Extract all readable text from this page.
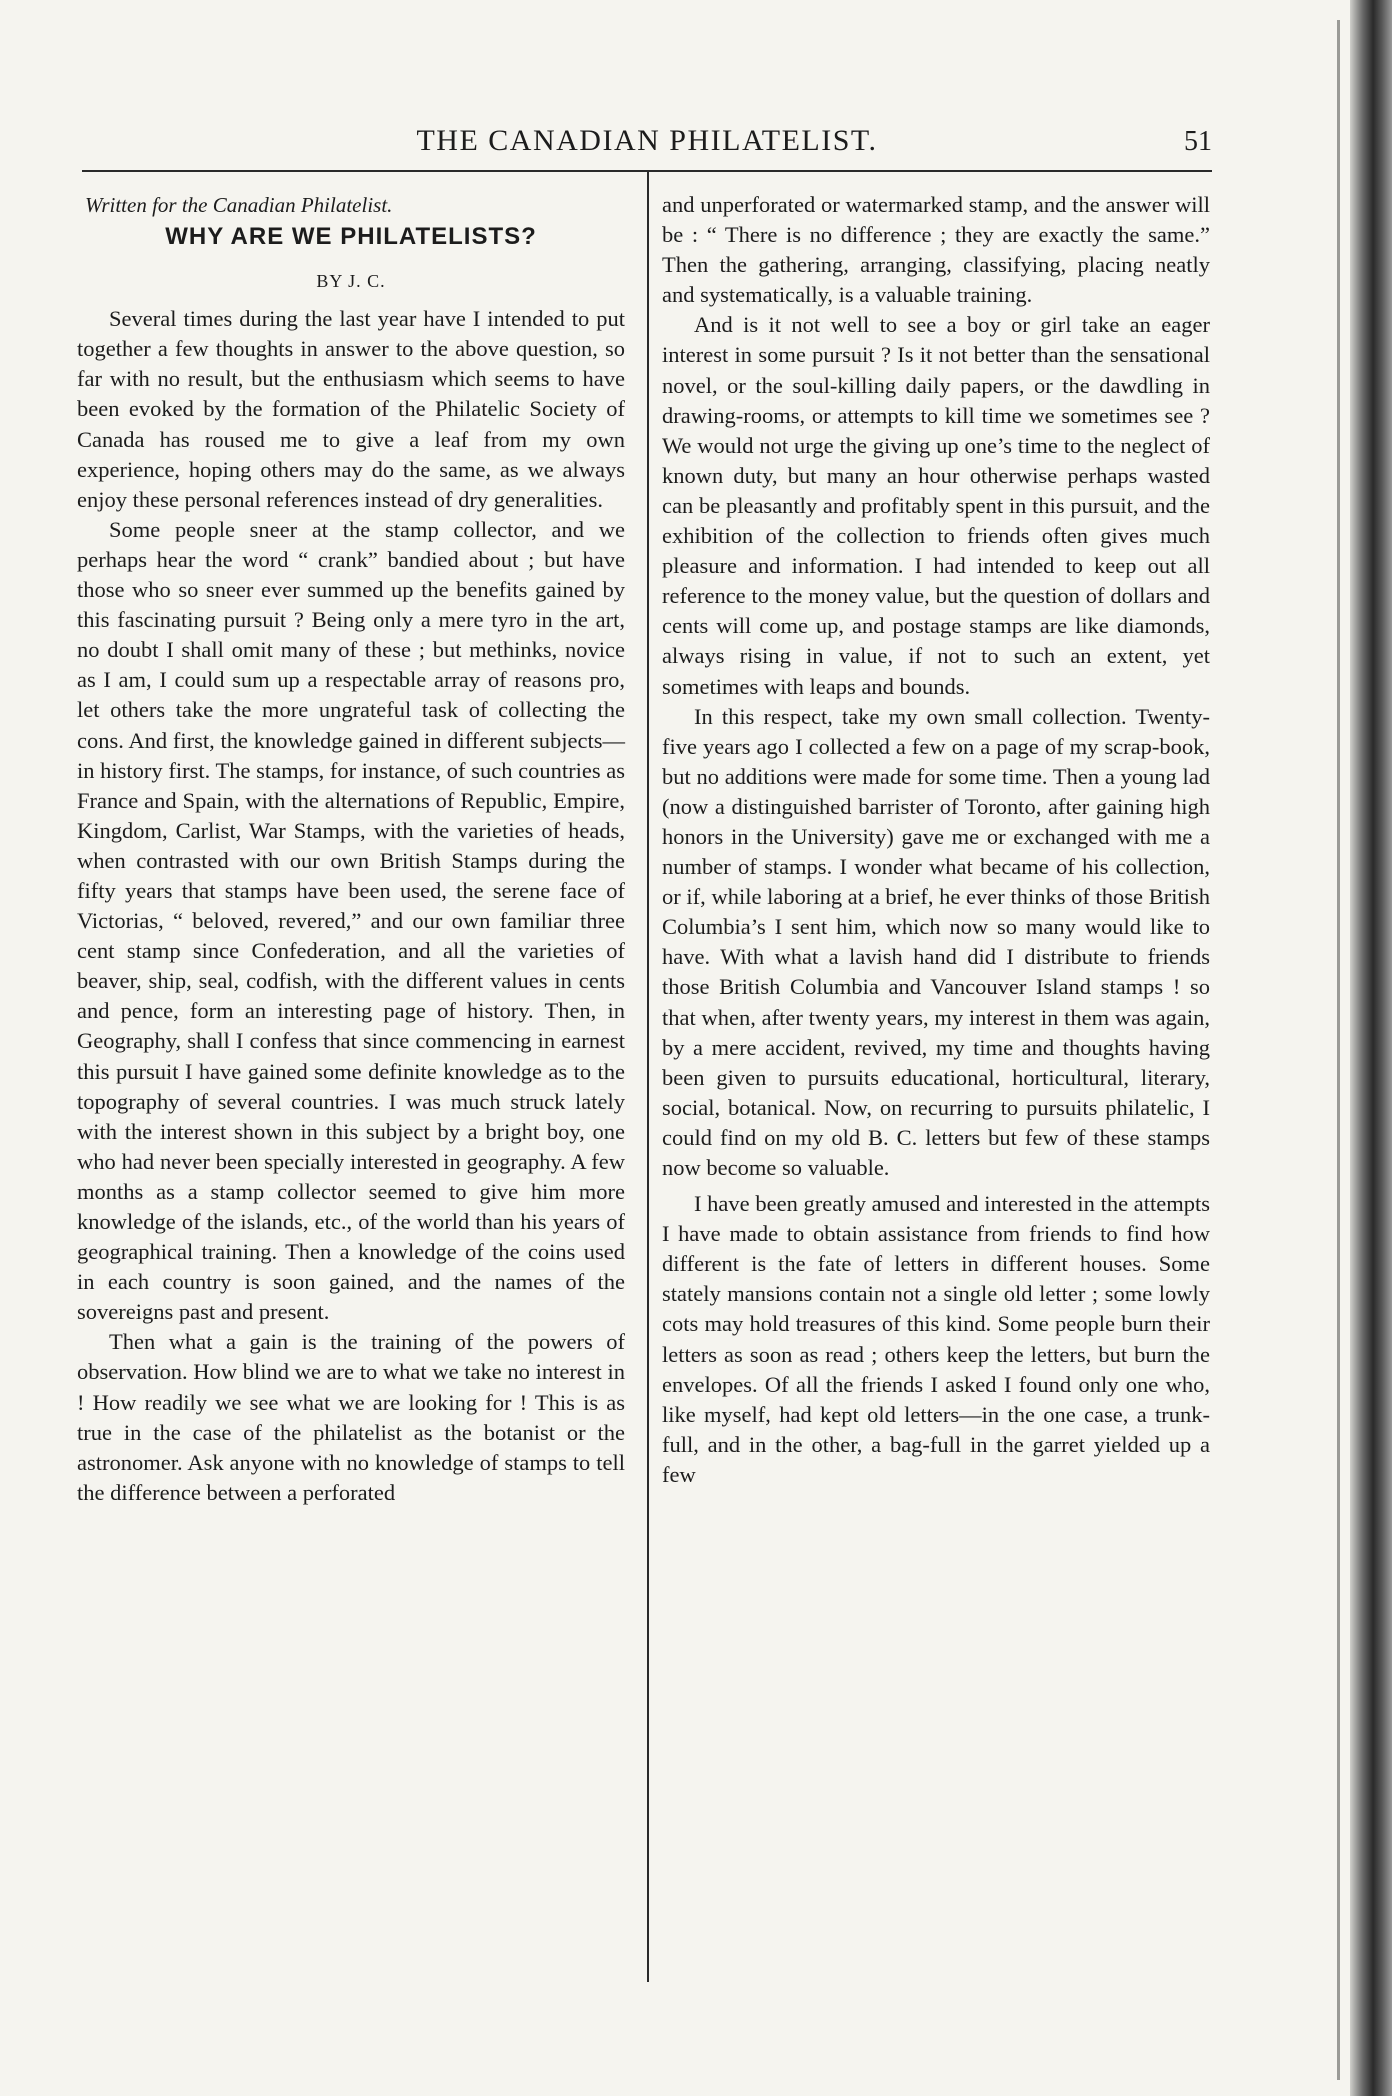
THE CANADIAN PHILATELIST.	51
Written for the Canadian Philatelist.
WHY ARE WE PHILATELISTS?
BY J. C.

Several times during the last year have I intended to put together a few thoughts in answer to the above question, so far with no result, but the enthusiasm which seems to have been evoked by the formation of the Philatelic Society of Canada has roused me to give a leaf from my own experience, hoping others may do the same, as we always enjoy these personal references instead of dry generalities.

Some people sneer at the stamp collector, and we perhaps hear the word “ crank” bandied about ; but have those who so sneer ever summed up the benefits gained by this fascinating pursuit ? Being only a mere tyro in the art, no doubt I shall omit many of these ; but methinks, novice as I am, I could sum up a respectable array of reasons pro, let others take the more ungrateful task of collecting the cons. And first, the knowledge gained in different subjects—in history first. The stamps, for instance, of such countries as France and Spain, with the alternations of Republic, Empire, Kingdom, Carlist, War Stamps, with the varieties of heads, when contrasted with our own British Stamps during the fifty years that stamps have been used, the serene face of Victorias, “ beloved, revered,” and our own familiar three cent stamp since Confederation, and all the varieties of beaver, ship, seal, codfish, with the different values in cents and pence, form an interesting page of history. Then, in Geography, shall I confess that since commencing in earnest this pursuit I have gained some definite knowledge as to the topography of several countries. I was much struck lately with the interest shown in this subject by a bright boy, one who had never been specially interested in geography. A few months as a stamp collector seemed to give him more knowledge of the islands, etc., of the world than his years of geographical training. Then a knowledge of the coins used in each country is soon gained, and the names of the sovereigns past and present.

Then what a gain is the training of the powers of observation. How blind we are to what we take no interest in ! How readily we see what we are looking for ! This is as true in the case of the philatelist as the botanist or the astronomer. Ask anyone with no knowledge of stamps to tell the difference between a perforated

and unperforated or watermarked stamp, and the answer will be : “ There is no difference ; they are exactly the same.” Then the gathering, arranging, classifying, placing neatly and systematically, is a valuable training.

And is it not well to see a boy or girl take an eager interest in some pursuit ? Is it not better than the sensational novel, or the soul-killing daily papers, or the dawdling in drawing-rooms, or attempts to kill time we sometimes see ? We would not urge the giving up one’s time to the neglect of known duty, but many an hour otherwise perhaps wasted can be pleasantly and profitably spent in this pursuit, and the exhibition of the collection to friends often gives much pleasure and information. I had intended to keep out all reference to the money value, but the question of dollars and cents will come up, and postage stamps are like diamonds, always rising in value, if not to such an extent, yet sometimes with leaps and bounds.

In this respect, take my own small collection. Twenty-five years ago I collected a few on a page of my scrap-book, but no additions were made for some time. Then a young lad (now a distinguished barrister of Toronto, after gaining high honors in the University) gave me or exchanged with me a number of stamps. I wonder what became of his collection, or if, while laboring at a brief, he ever thinks of those British Columbia’s I sent him, which now so many would like to have. With what a lavish hand did I distribute to friends those British Columbia and Vancouver Island stamps ! so that when, after twenty years, my interest in them was again, by a mere accident, revived, my time and thoughts having been given to pursuits educational, horticultural, literary, social, botanical. Now, on recurring to pursuits philatelic, I could find on my old B. C. letters but few of these stamps now become so valuable.

I have been greatly amused and interested in the attempts I have made to obtain assistance from friends to find how different is the fate of letters in different houses. Some stately mansions contain not a single old letter ; some lowly cots may hold treasures of this kind. Some people burn their letters as soon as read ; others keep the letters, but burn the envelopes. Of all the friends I asked I found only one who, like myself, had kept old letters—in the one case, a trunk-full, and in the other, a bag-full in the garret yielded up a few
